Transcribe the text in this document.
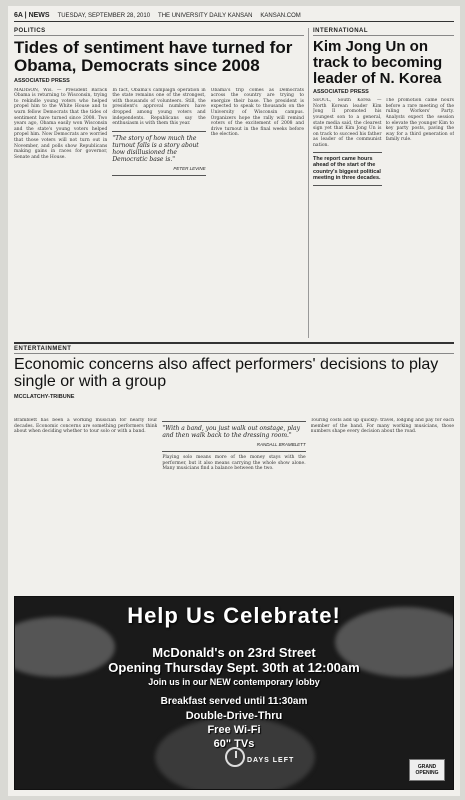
6A | NEWS TUESDAY, SEPTEMBER 28, 2010 THE UNIVERSITY DAILY KANSAN KANSAN.COM
POLITICS
Tides of sentiment have turned for Obama, Democrats since 2008
ASSOCIATED PRESS
MADISON, Wis. — President Barack Obama is returning to Wisconsin, trying to rekindle young voters who helped propel him to the White House and to warn fellow Democrats that the tides of sentiment have turned since 2008. Two years ago, Obama easily won Wisconsin and the state's young voters helped propel him. Now Democrats are worried that those voters will not turn out in November, and polls show Republicans making gains in races for governor, Senate and the House.
In fact, Obama's campaign operation in the state remains one of the strongest, with thousands of volunteers. Still, the president's approval numbers have dropped among young voters and independents. Republicans say the enthusiasm is with them this year.
"The story of how much the turnout falls is a story about how disillusioned the Democratic base is."
PETER LEVINE
Obama's trip comes as Democrats across the country are trying to energize their base. The president is expected to speak to thousands on the University of Wisconsin campus. Organizers hope the rally will remind voters of the excitement of 2008 and drive turnout in the final weeks before the election.
INTERNATIONAL
Kim Jong Un on track to becoming leader of N. Korea
ASSOCIATED PRESS
SEOUL, South Korea — North Korean leader Kim Jong Il promoted his youngest son to a general, state media said, the clearest sign yet that Kim Jong Un is on track to succeed his father as leader of the communist nation.
The report came hours ahead of the start of the country's biggest political meeting in three decades.
The promotion came hours before a rare meeting of the ruling Workers' Party. Analysts expect the session to elevate the younger Kim to key party posts, paving the way for a third generation of family rule.
ENTERTAINMENT
Economic concerns also affect performers' decisions to play single or with a group
MCCLATCHY-TRIBUNE
Bramblett has been a working musician for nearly four decades. Economic concerns are something performers think about when deciding whether to tour solo or with a band.	"With a band, you just walk out onstage, play and then walk back to the dressing room."
RANDALL BRAMBLETT
Playing solo means more of the money stays with the performer, but it also means carrying the whole show alone. Many musicians find a balance between the two.
Touring costs add up quickly: travel, lodging and pay for each member of the band. For many working musicians, those numbers shape every decision about the road.
Help Us Celebrate!
McDonald's on 23rd Street
Opening Thursday Sept. 30th at 12:00am
Join us in our NEW contemporary lobby
Breakfast served until 11:30am
Double-Drive-Thru
Free Wi-Fi
60" TVs
DAYS LEFT
GRAND OPENING
